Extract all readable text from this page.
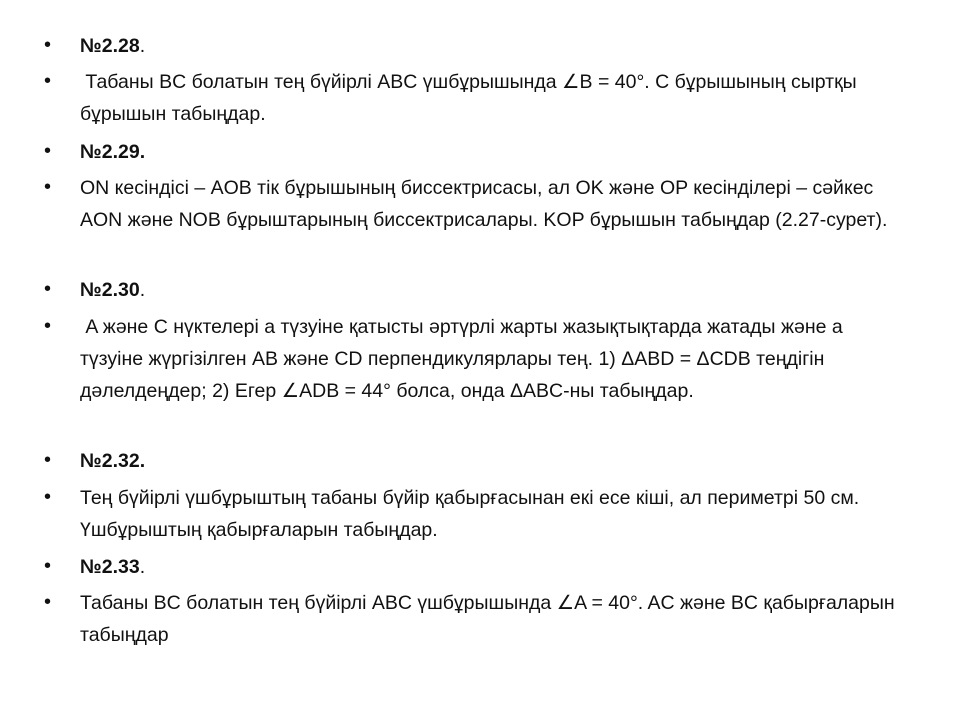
• №2.28.
• Табаны BC болатын тең бүйірлі ABC үшбұрышында ∠B = 40°. C бұрышының сыртқы бұрышын табыңдар.
• №2.29.
• ON кесіндісі – AOB тік бұрышының биссектрисасы, ал OK және OP кесінділері – сәйкес AON және NOB бұрыштарының биссектрисалары. KOP бұрышын табыңдар (2.27-сурет).
• №2.30.
• A және C нүктелері a түзуіне қатысты әртүрлі жарты жазықтықтарда жатады және a түзуіне жүргізілген AB және CD перпендикулярлары тең. 1) ΔABD = ΔCDB теңдігін дәлелдеңдер; 2) Егер ∠ADB = 44° болса, онда ΔABC-ны табыңдар.
• №2.32.
• Тең бүйірлі үшбұрыштың табаны бүйір қабырғасынан екі есе кіші, ал периметрі 50 см. Үшбұрыштың қабырғаларын табыңдар.
• №2.33.
• Табаны BC болатын тең бүйірлі ABC үшбұрышында ∠A = 40°. AC және BC қабырғаларын табыңдар
